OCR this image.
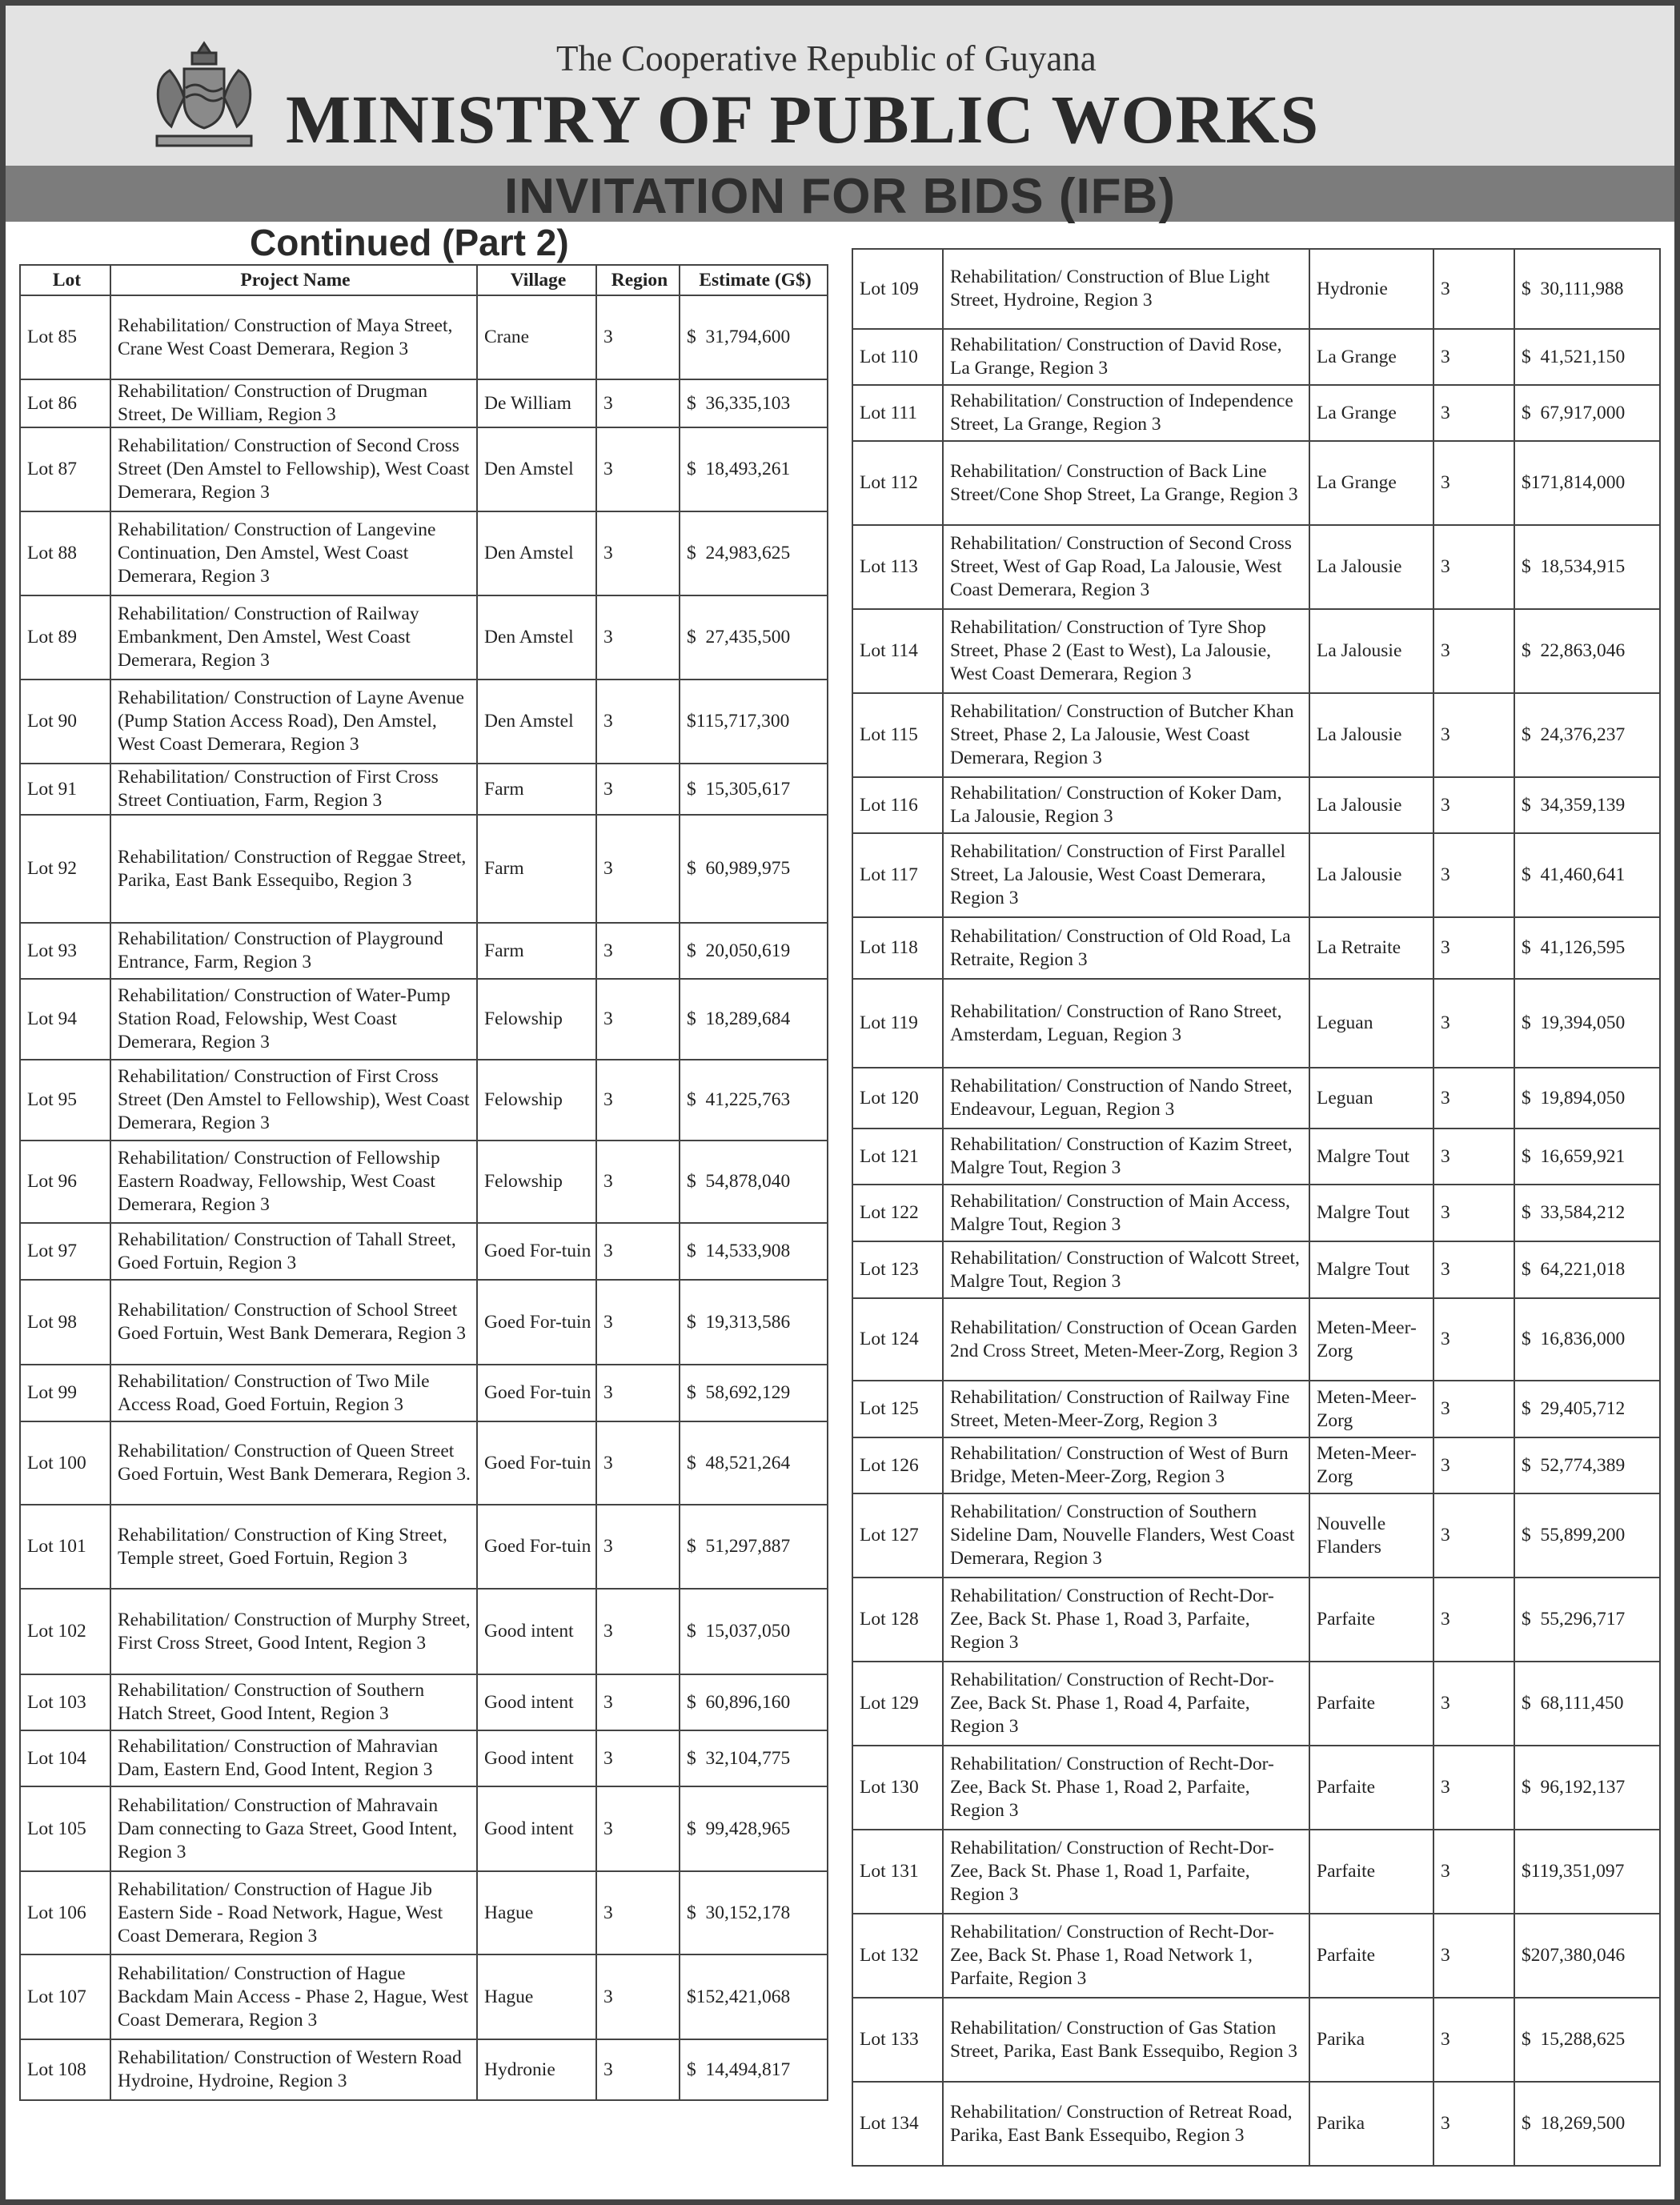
The Cooperative Republic of Guyana
MINISTRY OF PUBLIC WORKS
INVITATION FOR BIDS (IFB)
Continued (Part 2)
Lot	Project Name	Village	Region	Estimate (G$)
Lot 85	Rehabilitation/ Construction of Maya Street, Crane West Coast Demerara, Region 3	Crane	3	$  31,794,600
Lot 86	Rehabilitation/ Construction of Drugman Street, De William, Region 3	De William	3	$  36,335,103
Lot 87	Rehabilitation/ Construction of Second Cross Street (Den Amstel to Fellowship), West Coast Demerara, Region 3	Den Amstel	3	$  18,493,261
Lot 88	Rehabilitation/ Construction of Langevine Continuation, Den Amstel, West Coast Demerara, Region 3	Den Amstel	3	$  24,983,625
Lot 89	Rehabilitation/ Construction of Railway Embankment, Den Amstel, West Coast Demerara, Region 3	Den Amstel	3	$  27,435,500
Lot 90	Rehabilitation/ Construction of Layne Avenue (Pump Station Access Road), Den Amstel, West Coast Demerara, Region 3	Den Amstel	3	$115,717,300
Lot 91	Rehabilitation/ Construction of First Cross Street Contiuation, Farm, Region 3	Farm	3	$  15,305,617
Lot 92	Rehabilitation/ Construction of Reggae Street, Parika, East Bank Essequibo, Region 3	Farm	3	$  60,989,975
Lot 93	Rehabilitation/ Construction of Playground Entrance, Farm, Region 3	Farm	3	$  20,050,619
Lot 94	Rehabilitation/ Construction of Water-Pump Station Road, Felowship, West Coast Demerara, Region 3	Felowship	3	$  18,289,684
Lot 95	Rehabilitation/ Construction of First Cross Street (Den Amstel to Fellowship), West Coast Demerara, Region 3	Felowship	3	$  41,225,763
Lot 96	Rehabilitation/ Construction of Fellowship Eastern Roadway, Fellowship, West Coast Demerara, Region 3	Felowship	3	$  54,878,040
Lot 97	Rehabilitation/ Construction of Tahall Street, Goed Fortuin, Region 3	Goed For-tuin	3	$  14,533,908
Lot 98	Rehabilitation/ Construction of School Street Goed Fortuin, West Bank Demerara, Region 3	Goed For-tuin	3	$  19,313,586
Lot 99	Rehabilitation/ Construction of Two Mile Access Road, Goed Fortuin, Region 3	Goed For-tuin	3	$  58,692,129
Lot 100	Rehabilitation/ Construction of Queen Street Goed Fortuin, West Bank Demerara, Region 3.	Goed For-tuin	3	$  48,521,264
Lot 101	Rehabilitation/ Construction of King Street, Temple street, Goed Fortuin, Region 3	Goed For-tuin	3	$  51,297,887
Lot 102	Rehabilitation/ Construction of Murphy Street, First Cross Street, Good Intent, Region 3	Good intent	3	$  15,037,050
Lot 103	Rehabilitation/ Construction of Southern Hatch Street, Good Intent, Region 3	Good intent	3	$  60,896,160
Lot 104	Rehabilitation/ Construction of Mahravian Dam, Eastern End, Good Intent, Region 3	Good intent	3	$  32,104,775
Lot 105	Rehabilitation/ Construction of Mahravain Dam connecting to Gaza Street, Good Intent, Region 3	Good intent	3	$  99,428,965
Lot 106	Rehabilitation/ Construction of Hague Jib Eastern Side - Road Network, Hague, West Coast Demerara, Region 3	Hague	3	$  30,152,178
Lot 107	Rehabilitation/ Construction of Hague Backdam Main Access - Phase 2, Hague, West Coast Demerara, Region 3	Hague	3	$152,421,068
Lot 108	Rehabilitation/ Construction of Western Road Hydroine, Hydroine, Region 3	Hydronie	3	$  14,494,817
Lot 109	Rehabilitation/ Construction of Blue Light Street, Hydroine, Region 3	Hydronie	3	$  30,111,988
Lot 110	Rehabilitation/ Construction of David Rose, La Grange, Region 3	La Grange	3	$  41,521,150
Lot 111	Rehabilitation/ Construction of Independence Street, La Grange, Region 3	La Grange	3	$  67,917,000
Lot 112	Rehabilitation/ Construction of Back Line Street/Cone Shop Street, La Grange, Region 3	La Grange	3	$171,814,000
Lot 113	Rehabilitation/ Construction of Second Cross Street, West of Gap Road, La Jalousie, West Coast Demerara, Region 3	La Jalousie	3	$  18,534,915
Lot 114	Rehabilitation/ Construction of Tyre Shop Street, Phase 2 (East to West), La Jalousie, West Coast Demerara, Region 3	La Jalousie	3	$  22,863,046
Lot 115	Rehabilitation/ Construction of Butcher Khan Street, Phase 2, La Jalousie, West Coast Demerara, Region 3	La Jalousie	3	$  24,376,237
Lot 116	Rehabilitation/ Construction of Koker Dam, La Jalousie, Region 3	La Jalousie	3	$  34,359,139
Lot 117	Rehabilitation/ Construction of First Parallel Street, La Jalousie, West Coast Demerara, Region 3	La Jalousie	3	$  41,460,641
Lot 118	Rehabilitation/ Construction of Old Road, La Retraite, Region 3	La Retraite	3	$  41,126,595
Lot 119	Rehabilitation/ Construction of Rano Street, Amsterdam, Leguan, Region 3	Leguan	3	$  19,394,050
Lot 120	Rehabilitation/ Construction of Nando Street, Endeavour, Leguan, Region 3	Leguan	3	$  19,894,050
Lot 121	Rehabilitation/ Construction of Kazim Street, Malgre Tout, Region 3	Malgre Tout	3	$  16,659,921
Lot 122	Rehabilitation/ Construction of Main Access, Malgre Tout, Region 3	Malgre Tout	3	$  33,584,212
Lot 123	Rehabilitation/ Construction of Walcott Street, Malgre Tout, Region 3	Malgre Tout	3	$  64,221,018
Lot 124	Rehabilitation/ Construction of Ocean Garden 2nd Cross Street, Meten-Meer-Zorg, Region 3	Meten-Meer-Zorg	3	$  16,836,000
Lot 125	Rehabilitation/ Construction of Railway Fine Street, Meten-Meer-Zorg, Region 3	Meten-Meer-Zorg	3	$  29,405,712
Lot 126	Rehabilitation/ Construction of West of Burn Bridge, Meten-Meer-Zorg, Region 3	Meten-Meer-Zorg	3	$  52,774,389
Lot 127	Rehabilitation/ Construction of Southern Sideline Dam, Nouvelle Flanders, West Coast Demerara, Region 3	Nouvelle Flanders	3	$  55,899,200
Lot 128	Rehabilitation/ Construction of Recht-Dor-Zee, Back St. Phase 1, Road 3, Parfaite, Region 3	Parfaite	3	$  55,296,717
Lot 129	Rehabilitation/ Construction of Recht-Dor-Zee, Back St. Phase 1, Road 4, Parfaite, Region 3	Parfaite	3	$  68,111,450
Lot 130	Rehabilitation/ Construction of Recht-Dor-Zee, Back St. Phase 1, Road 2, Parfaite, Region 3	Parfaite	3	$  96,192,137
Lot 131	Rehabilitation/ Construction of Recht-Dor-Zee, Back St. Phase 1, Road 1, Parfaite, Region 3	Parfaite	3	$119,351,097
Lot 132	Rehabilitation/ Construction of Recht-Dor-Zee, Back St. Phase 1, Road Network 1, Parfaite, Region 3	Parfaite	3	$207,380,046
Lot 133	Rehabilitation/ Construction of Gas Station Street, Parika, East Bank Essequibo, Region 3	Parika	3	$  15,288,625
Lot 134	Rehabilitation/ Construction of Retreat Road, Parika, East Bank Essequibo, Region 3	Parika	3	$  18,269,500
